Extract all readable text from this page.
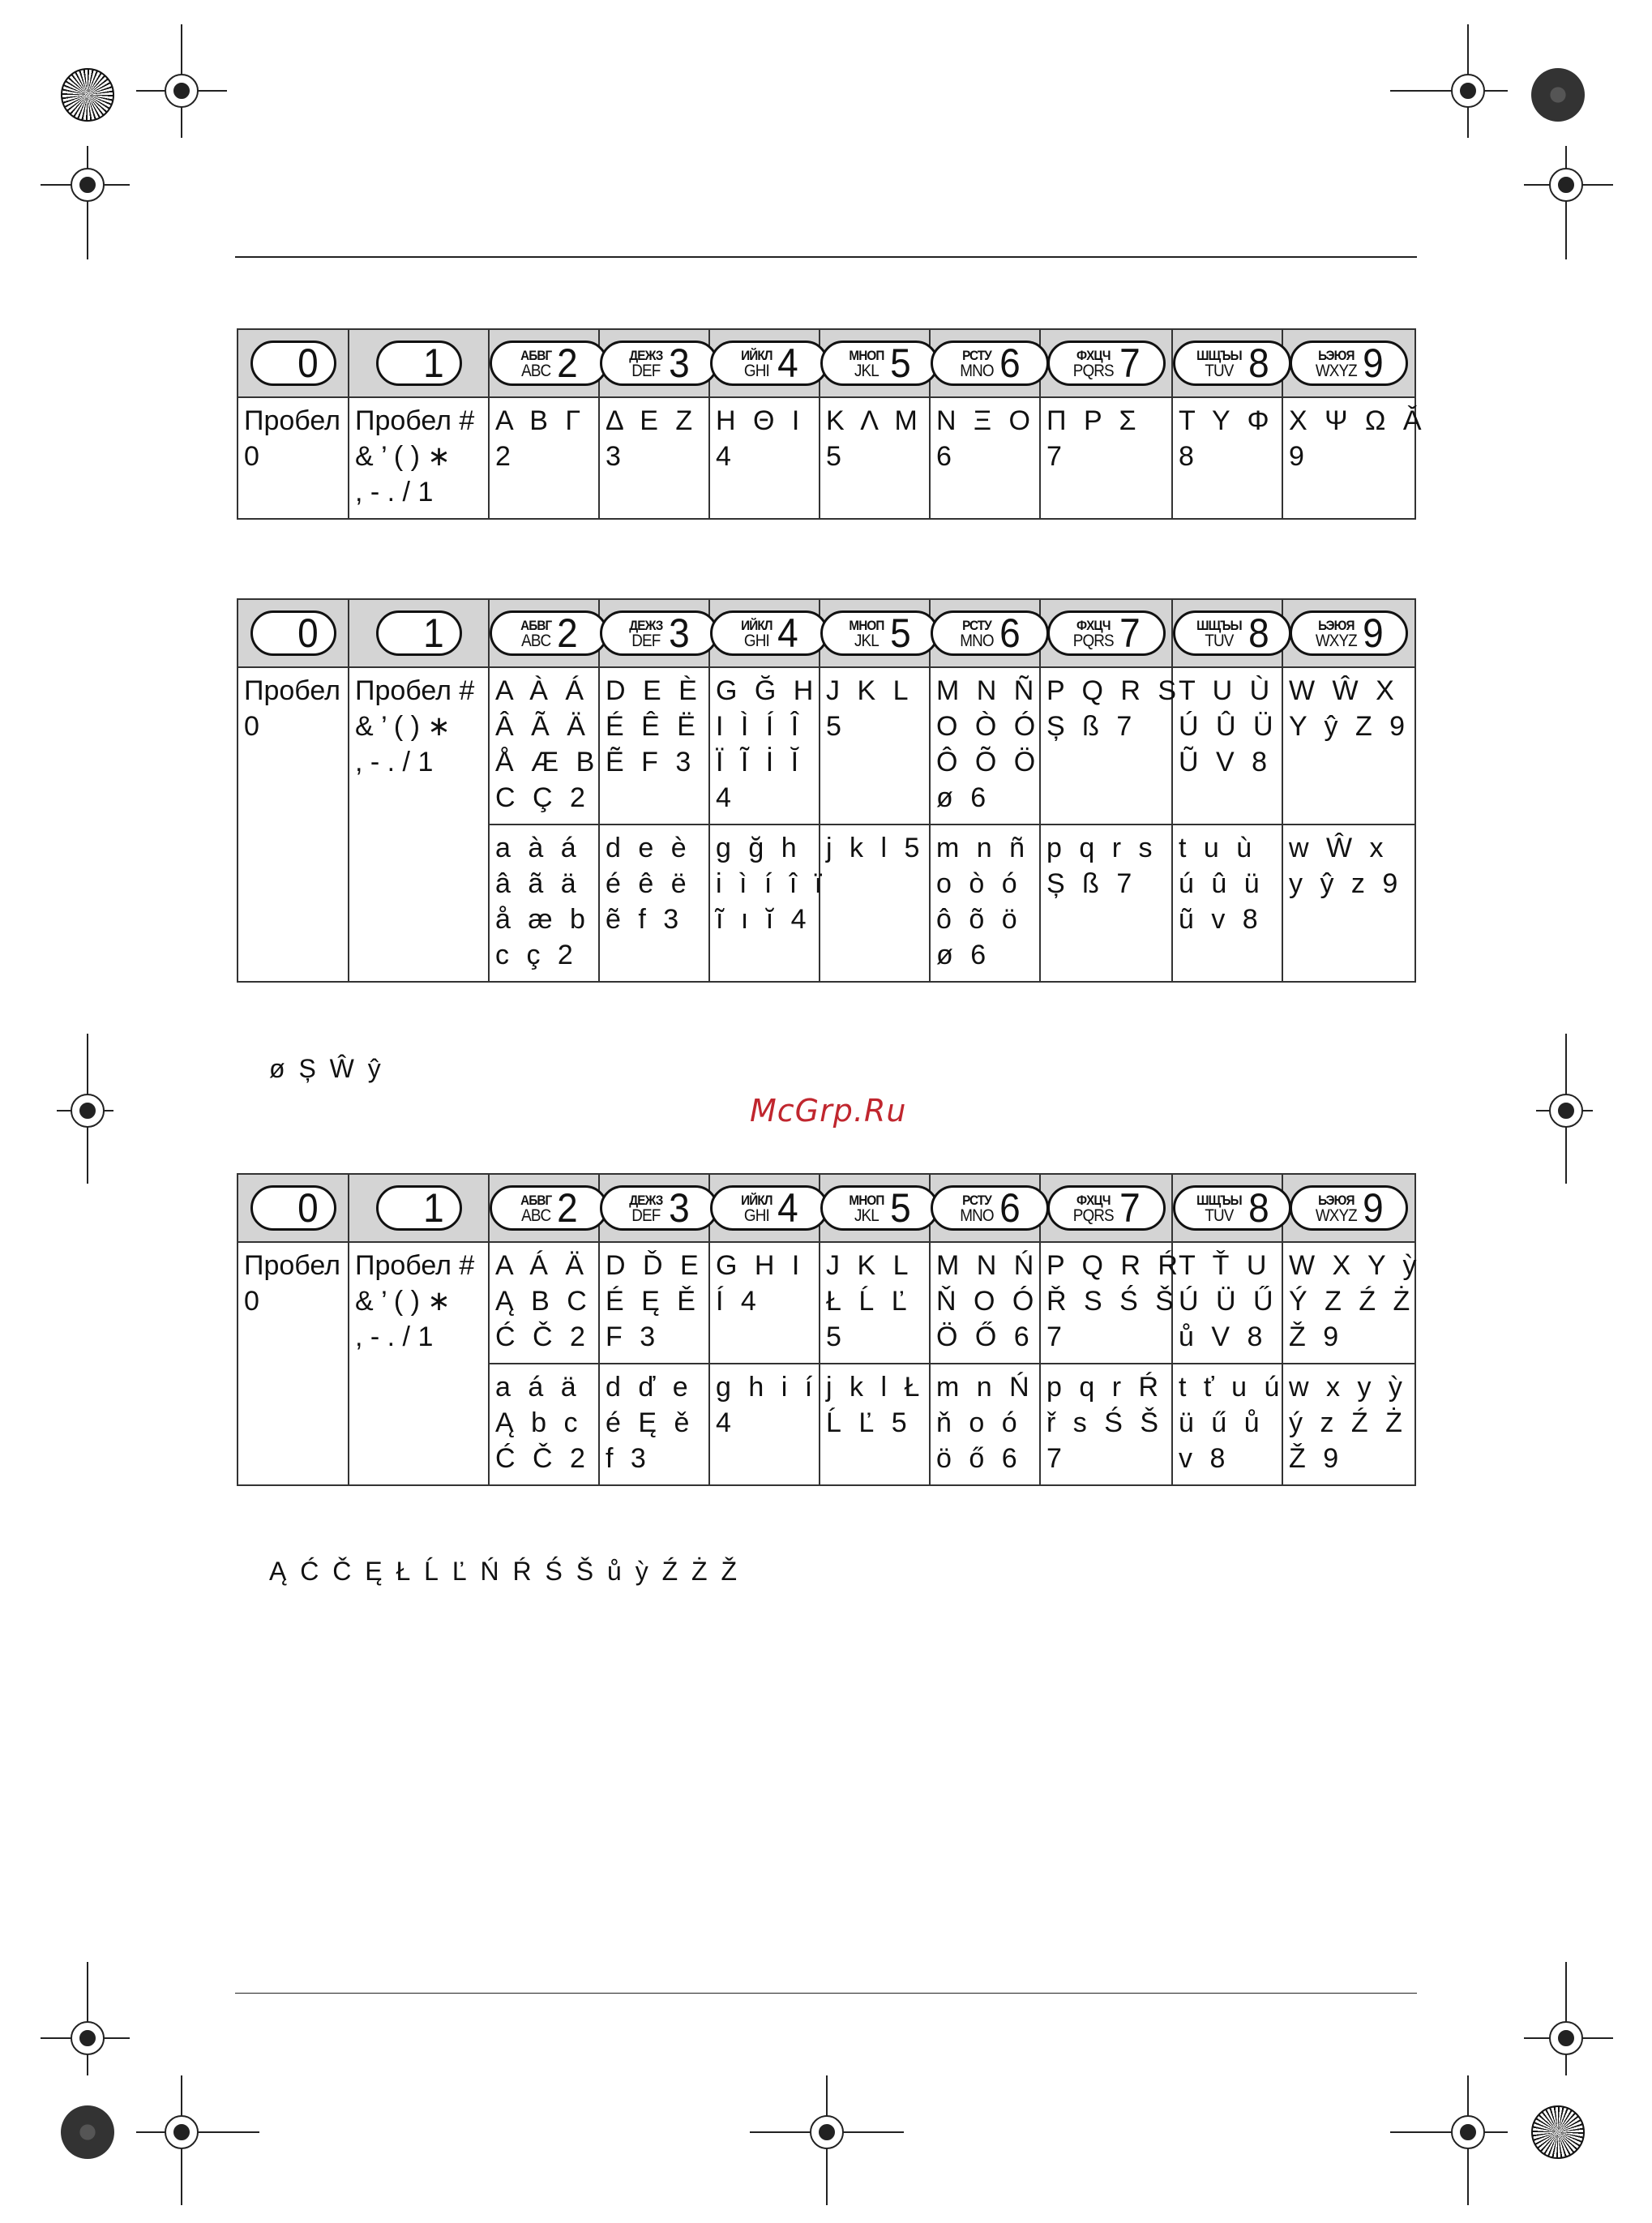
0	1	АБВГ
ABC 2	ДЕЖЗ
DEF 3	ИЙКЛ
GHI 4	МНОП
JKL 5	РСТУ
MNO 6	ФХЦЧ
PQRS 7	ШЩЪЫ
TUV 8	ЬЭЮЯ
WXYZ 9

Пробел
0	Пробел #
& ’ ( ) ∗
, - . / 1	Α Β Γ
2	Δ Ε Ζ
3	Η Θ Ι
4	Κ Λ Μ
5	Ν Ξ Ο
6	Π Ρ Σ
7	Τ Υ Φ
8	Χ Ψ Ω Ǎ
9
0	1	АБВГ
ABC 2	ДЕЖЗ
DEF 3	ИЙКЛ
GHI 4	МНОП
JKL 5	РСТУ
MNO 6	ФХЦЧ
PQRS 7	ШЩЪЫ
TUV 8	ЬЭЮЯ
WXYZ 9

Пробел
0	Пробел #
& ’ ( ) ∗
, - . / 1	A À Á
Â Ã Ä
Å Æ B
C Ç 2	D E È
É Ê Ë
Ẽ F 3	G Ğ H
I Ì Í Î
Ï Ĩ İ Ĭ
4	J K L
5	M N Ñ
O Ò Ó
Ô Õ Ö
ø 6	P Q R S
Ș ß 7	T U Ù
Ú Û Ü
Ũ V 8	W Ŵ X
Y ŷ Z 9
		a à á
â ã ä
å æ b
c ç 2	d e è
é ê ë
ẽ f 3	g ğ h
i ì í î ï
ĩ ı ĭ 4	j k l 5	m n ñ
o ò ó
ô õ ö
ø 6	p q r s
Ș ß 7	t u ù
ú û ü
ũ v 8	w Ŵ x
y ŷ z 9
ø Ș Ŵ ŷ
McGrp.Ru
0	1	АБВГ
ABC 2	ДЕЖЗ
DEF 3	ИЙКЛ
GHI 4	МНОП
JKL 5	РСТУ
MNO 6	ФХЦЧ
PQRS 7	ШЩЪЫ
TUV 8	ЬЭЮЯ
WXYZ 9

Пробел
0	Пробел #
& ’ ( ) ∗
, - . / 1	A Á Ä
Ą B C
Ć Č 2	D Ď E
É Ę Ě
F 3	G H I
Í 4	J K L
Ł Ĺ Ľ
5	M N Ń
Ň O Ó
Ö Ő 6	P Q R Ŕ
Ř S Ś Š
7	T Ť U
Ú Ü Ű
ů V 8	W X Y ỳ
Ý Z Ź Ż
Ž 9
		a á ä
Ą b c
Ć Č 2	d ď e
é Ę ě
f 3	g h i í
4	j k l Ł
Ĺ Ľ 5	m n Ń
ň o ó
ö ő 6	p q r Ŕ
ř s Ś Š
7	t ť u ú
ü ű ů
v 8	w x y ỳ
ý z Ź Ż
Ž 9
Ą Ć Č Ę Ł Ĺ Ľ Ń Ŕ Ś Š ů ỳ Ź Ż Ž
